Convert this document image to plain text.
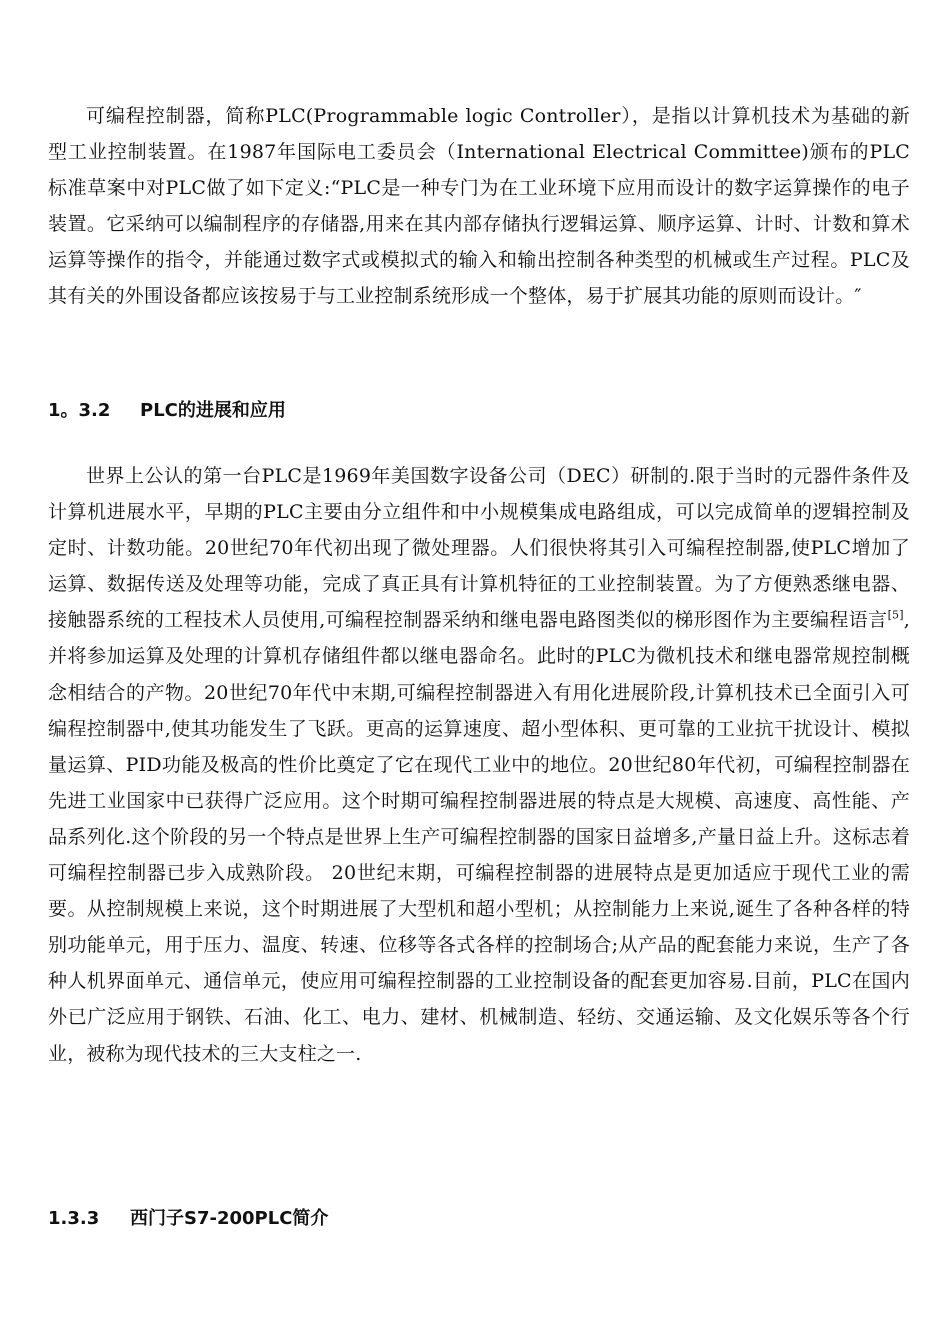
可编程控制器，简称PLC(Programmable logic Controller），是指以计算机技术为基础的新型工业控制装置。在1987年国际电工委员会（International Electrical Committee)颁布的PLC标准草案中对PLC做了如下定义:“PLC是一种专门为在工业环境下应用而设计的数字运算操作的电子装置。它采纳可以编制程序的存储器,用来在其内部存储执行逻辑运算、顺序运算、计时、计数和算术运算等操作的指令，并能通过数字式或模拟式的输入和输出控制各种类型的机械或生产过程。PLC及其有关的外围设备都应该按易于与工业控制系统形成一个整体，易于扩展其功能的原则而设计。″

1。3.2 PLC的进展和应用

世界上公认的第一台PLC是1969年美国数字设备公司（DEC）研制的.限于当时的元器件条件及计算机进展水平，早期的PLC主要由分立组件和中小规模集成电路组成，可以完成简单的逻辑控制及定时、计数功能。20世纪70年代初出现了微处理器。人们很快将其引入可编程控制器,使PLC增加了运算、数据传送及处理等功能，完成了真正具有计算机特征的工业控制装置。为了方便熟悉继电器、接触器系统的工程技术人员使用,可编程控制器采纳和继电器电路图类似的梯形图作为主要编程语言[5],并将参加运算及处理的计算机存储组件都以继电器命名。此时的PLC为微机技术和继电器常规控制概念相结合的产物。20世纪70年代中末期,可编程控制器进入有用化进展阶段,计算机技术已全面引入可编程控制器中,使其功能发生了飞跃。更高的运算速度、超小型体积、更可靠的工业抗干扰设计、模拟量运算、PID功能及极高的性价比奠定了它在现代工业中的地位。20世纪80年代初，可编程控制器在先进工业国家中已获得广泛应用。这个时期可编程控制器进展的特点是大规模、高速度、高性能、产品系列化.这个阶段的另一个特点是世界上生产可编程控制器的国家日益增多,产量日益上升。这标志着可编程控制器已步入成熟阶段。 20世纪末期，可编程控制器的进展特点是更加适应于现代工业的需要。从控制规模上来说，这个时期进展了大型机和超小型机；从控制能力上来说,诞生了各种各样的特别功能单元，用于压力、温度、转速、位移等各式各样的控制场合;从产品的配套能力来说，生产了各种人机界面单元、通信单元，使应用可编程控制器的工业控制设备的配套更加容易.目前，PLC在国内外已广泛应用于钢铁、石油、化工、电力、建材、机械制造、轻纺、交通运输、及文化娱乐等各个行业，被称为现代技术的三大支柱之一.

1.3.3 西门子S7-200PLC简介
